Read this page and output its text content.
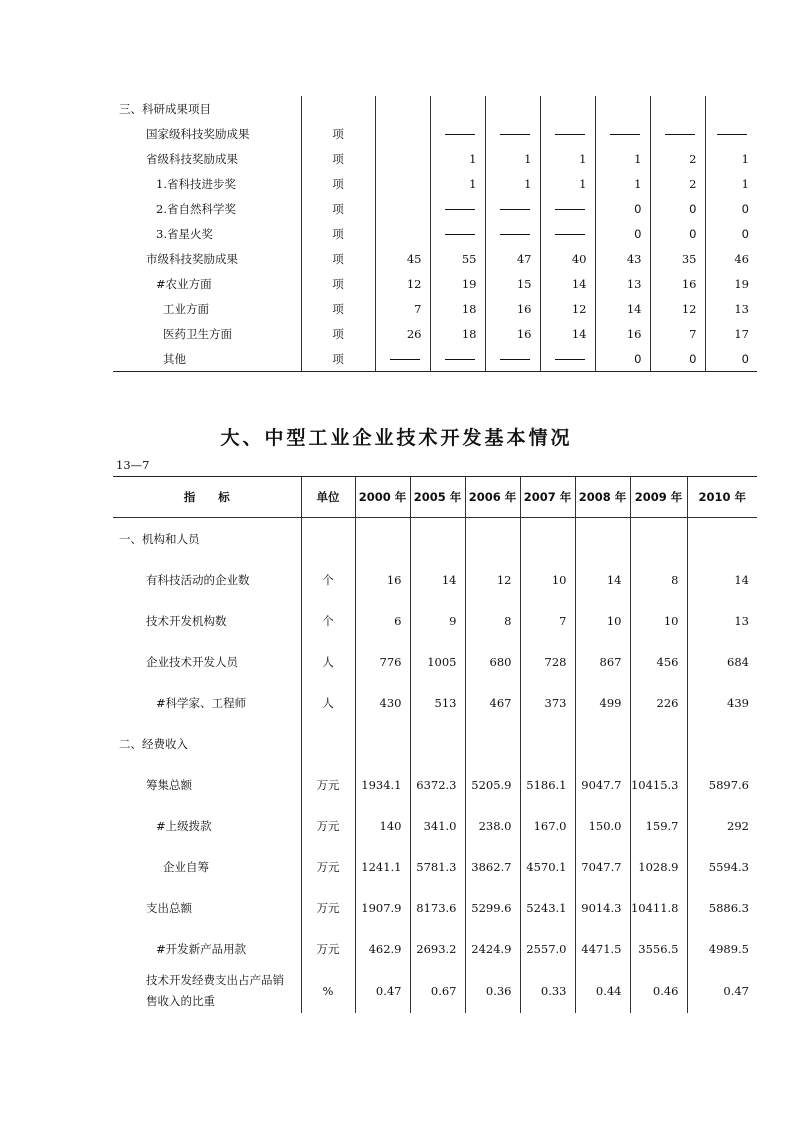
三、科研成果项目								
国家级科技奖励成果	项							
省级科技奖励成果	项		1	1	1	1	2	1
1.省科技进步奖	项		1	1	1	1	2	1
2.省自然科学奖	项					0	0	0
3.省星火奖	项					0	0	0
市级科技奖励成果	项	45	55	47	40	43	35	46
#农业方面	项	12	19	15	14	13	16	19
工业方面	项	7	18	16	12	14	12	13
医药卫生方面	项	26	18	16	14	16	7	17
其他	项					0	0	0
大、中型工业企业技术开发基本情况
13—7
指　　标	单位	2000 年	2005 年	2006 年	2007 年	2008 年	2009 年	2010 年
一、机构和人员								
有科技活动的企业数	个	16	14	12	10	14	8	14
技术开发机构数	个	6	9	8	7	10	10	13
企业技术开发人员	人	776	1005	680	728	867	456	684
#科学家、工程师	人	430	513	467	373	499	226	439
二、经费收入								
筹集总额	万元	1934.1	6372.3	5205.9	5186.1	9047.7	10415.3	5897.6
#上级拨款	万元	140	341.0	238.0	167.0	150.0	159.7	292
企业自筹	万元	1241.1	5781.3	3862.7	4570.1	7047.7	1028.9	5594.3
支出总额	万元	1907.9	8173.6	5299.6	5243.1	9014.3	10411.8	5886.3
#开发新产品用款	万元	462.9	2693.2	2424.9	2557.0	4471.5	3556.5	4989.5
技术开发经费支出占产品销售收入的比重	%	0.47	0.67	0.36	0.33	0.44	0.46	0.47
